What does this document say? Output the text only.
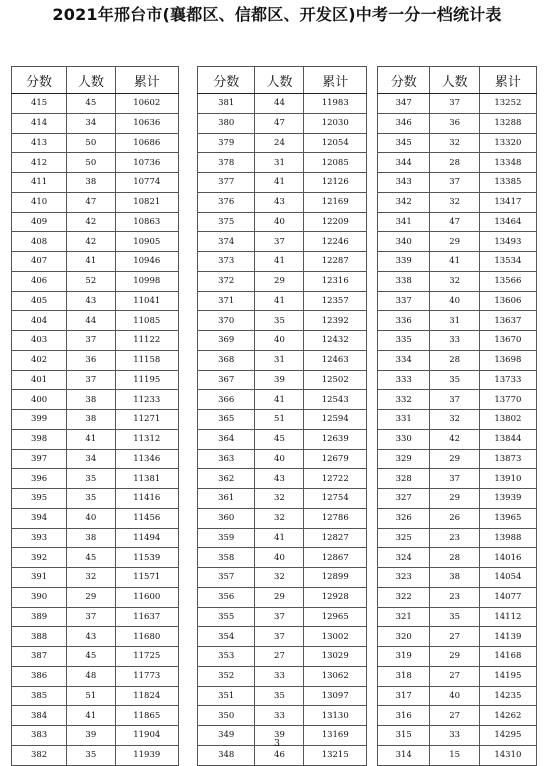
2021年邢台市(襄都区、信都区、开发区)中考一分一档统计表
分数	人数	累计
415	45	10602
414	34	10636
413	50	10686
412	50	10736
411	38	10774
410	47	10821
409	42	10863
408	42	10905
407	41	10946
406	52	10998
405	43	11041
404	44	11085
403	37	11122
402	36	11158
401	37	11195
400	38	11233
399	38	11271
398	41	11312
397	34	11346
396	35	11381
395	35	11416
394	40	11456
393	38	11494
392	45	11539
391	32	11571
390	29	11600
389	37	11637
388	43	11680
387	45	11725
386	48	11773
385	51	11824
384	41	11865
383	39	11904
382	35	11939
分数	人数	累计
381	44	11983
380	47	12030
379	24	12054
378	31	12085
377	41	12126
376	43	12169
375	40	12209
374	37	12246
373	41	12287
372	29	12316
371	41	12357
370	35	12392
369	40	12432
368	31	12463
367	39	12502
366	41	12543
365	51	12594
364	45	12639
363	40	12679
362	43	12722
361	32	12754
360	32	12786
359	41	12827
358	40	12867
357	32	12899
356	29	12928
355	37	12965
354	37	13002
353	27	13029
352	33	13062
351	35	13097
350	33	13130
349	39	13169
348	46	13215
分数	人数	累计
347	37	13252
346	36	13288
345	32	13320
344	28	13348
343	37	13385
342	32	13417
341	47	13464
340	29	13493
339	41	13534
338	32	13566
337	40	13606
336	31	13637
335	33	13670
334	28	13698
333	35	13733
332	37	13770
331	32	13802
330	42	13844
329	29	13873
328	37	13910
327	29	13939
326	26	13965
325	23	13988
324	28	14016
323	38	14054
322	23	14077
321	35	14112
320	27	14139
319	29	14168
318	27	14195
317	40	14235
316	27	14262
315	33	14295
314	15	14310
3
